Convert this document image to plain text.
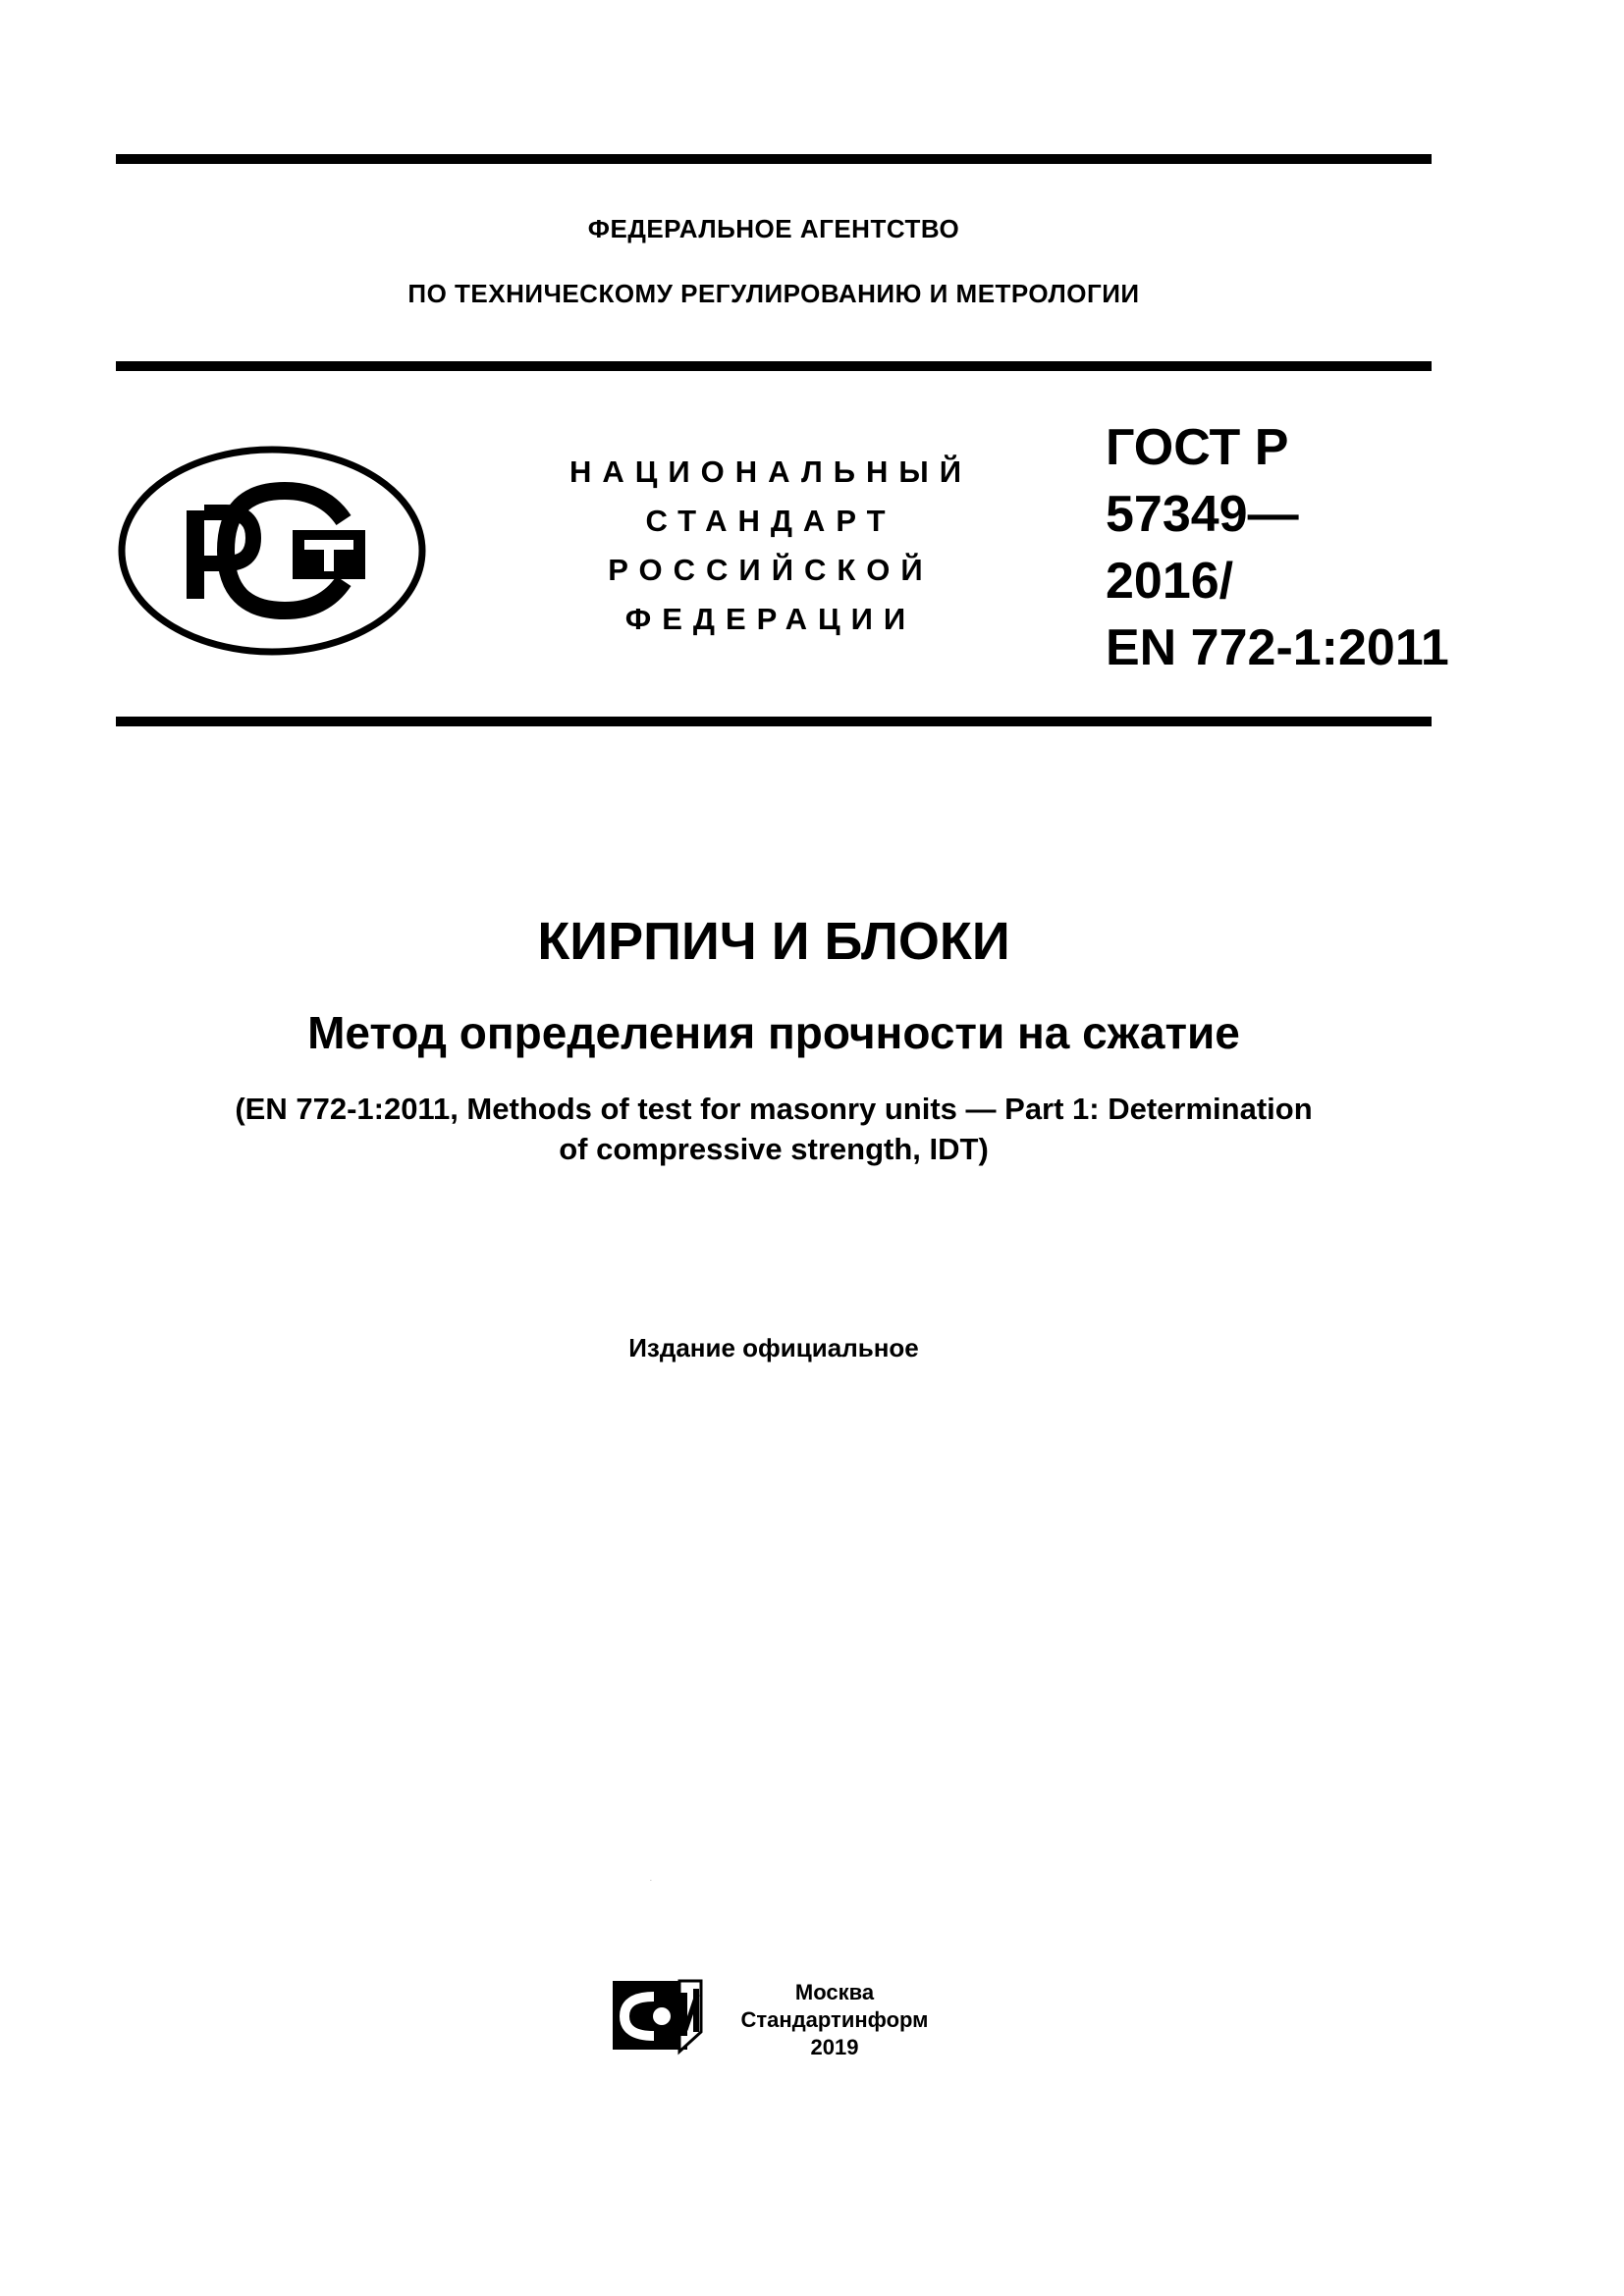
ФЕДЕРАЛЬНОЕ АГЕНТСТВО
ПО ТЕХНИЧЕСКОМУ РЕГУЛИРОВАНИЮ И МЕТРОЛОГИИ
НАЦИОНАЛЬНЫЙ
СТАНДАРТ
РОССИЙСКОЙ
ФЕДЕРАЦИИ
ГОСТ Р
57349—
2016/
EN 772-1:2011
КИРПИЧ И БЛОКИ
Метод определения прочности на сжатие
(EN 772-1:2011, Methods of test for masonry units — Part 1: Determination
of compressive strength, IDT)
Издание официальное
СИ
Москва
Стандартинформ
2019
